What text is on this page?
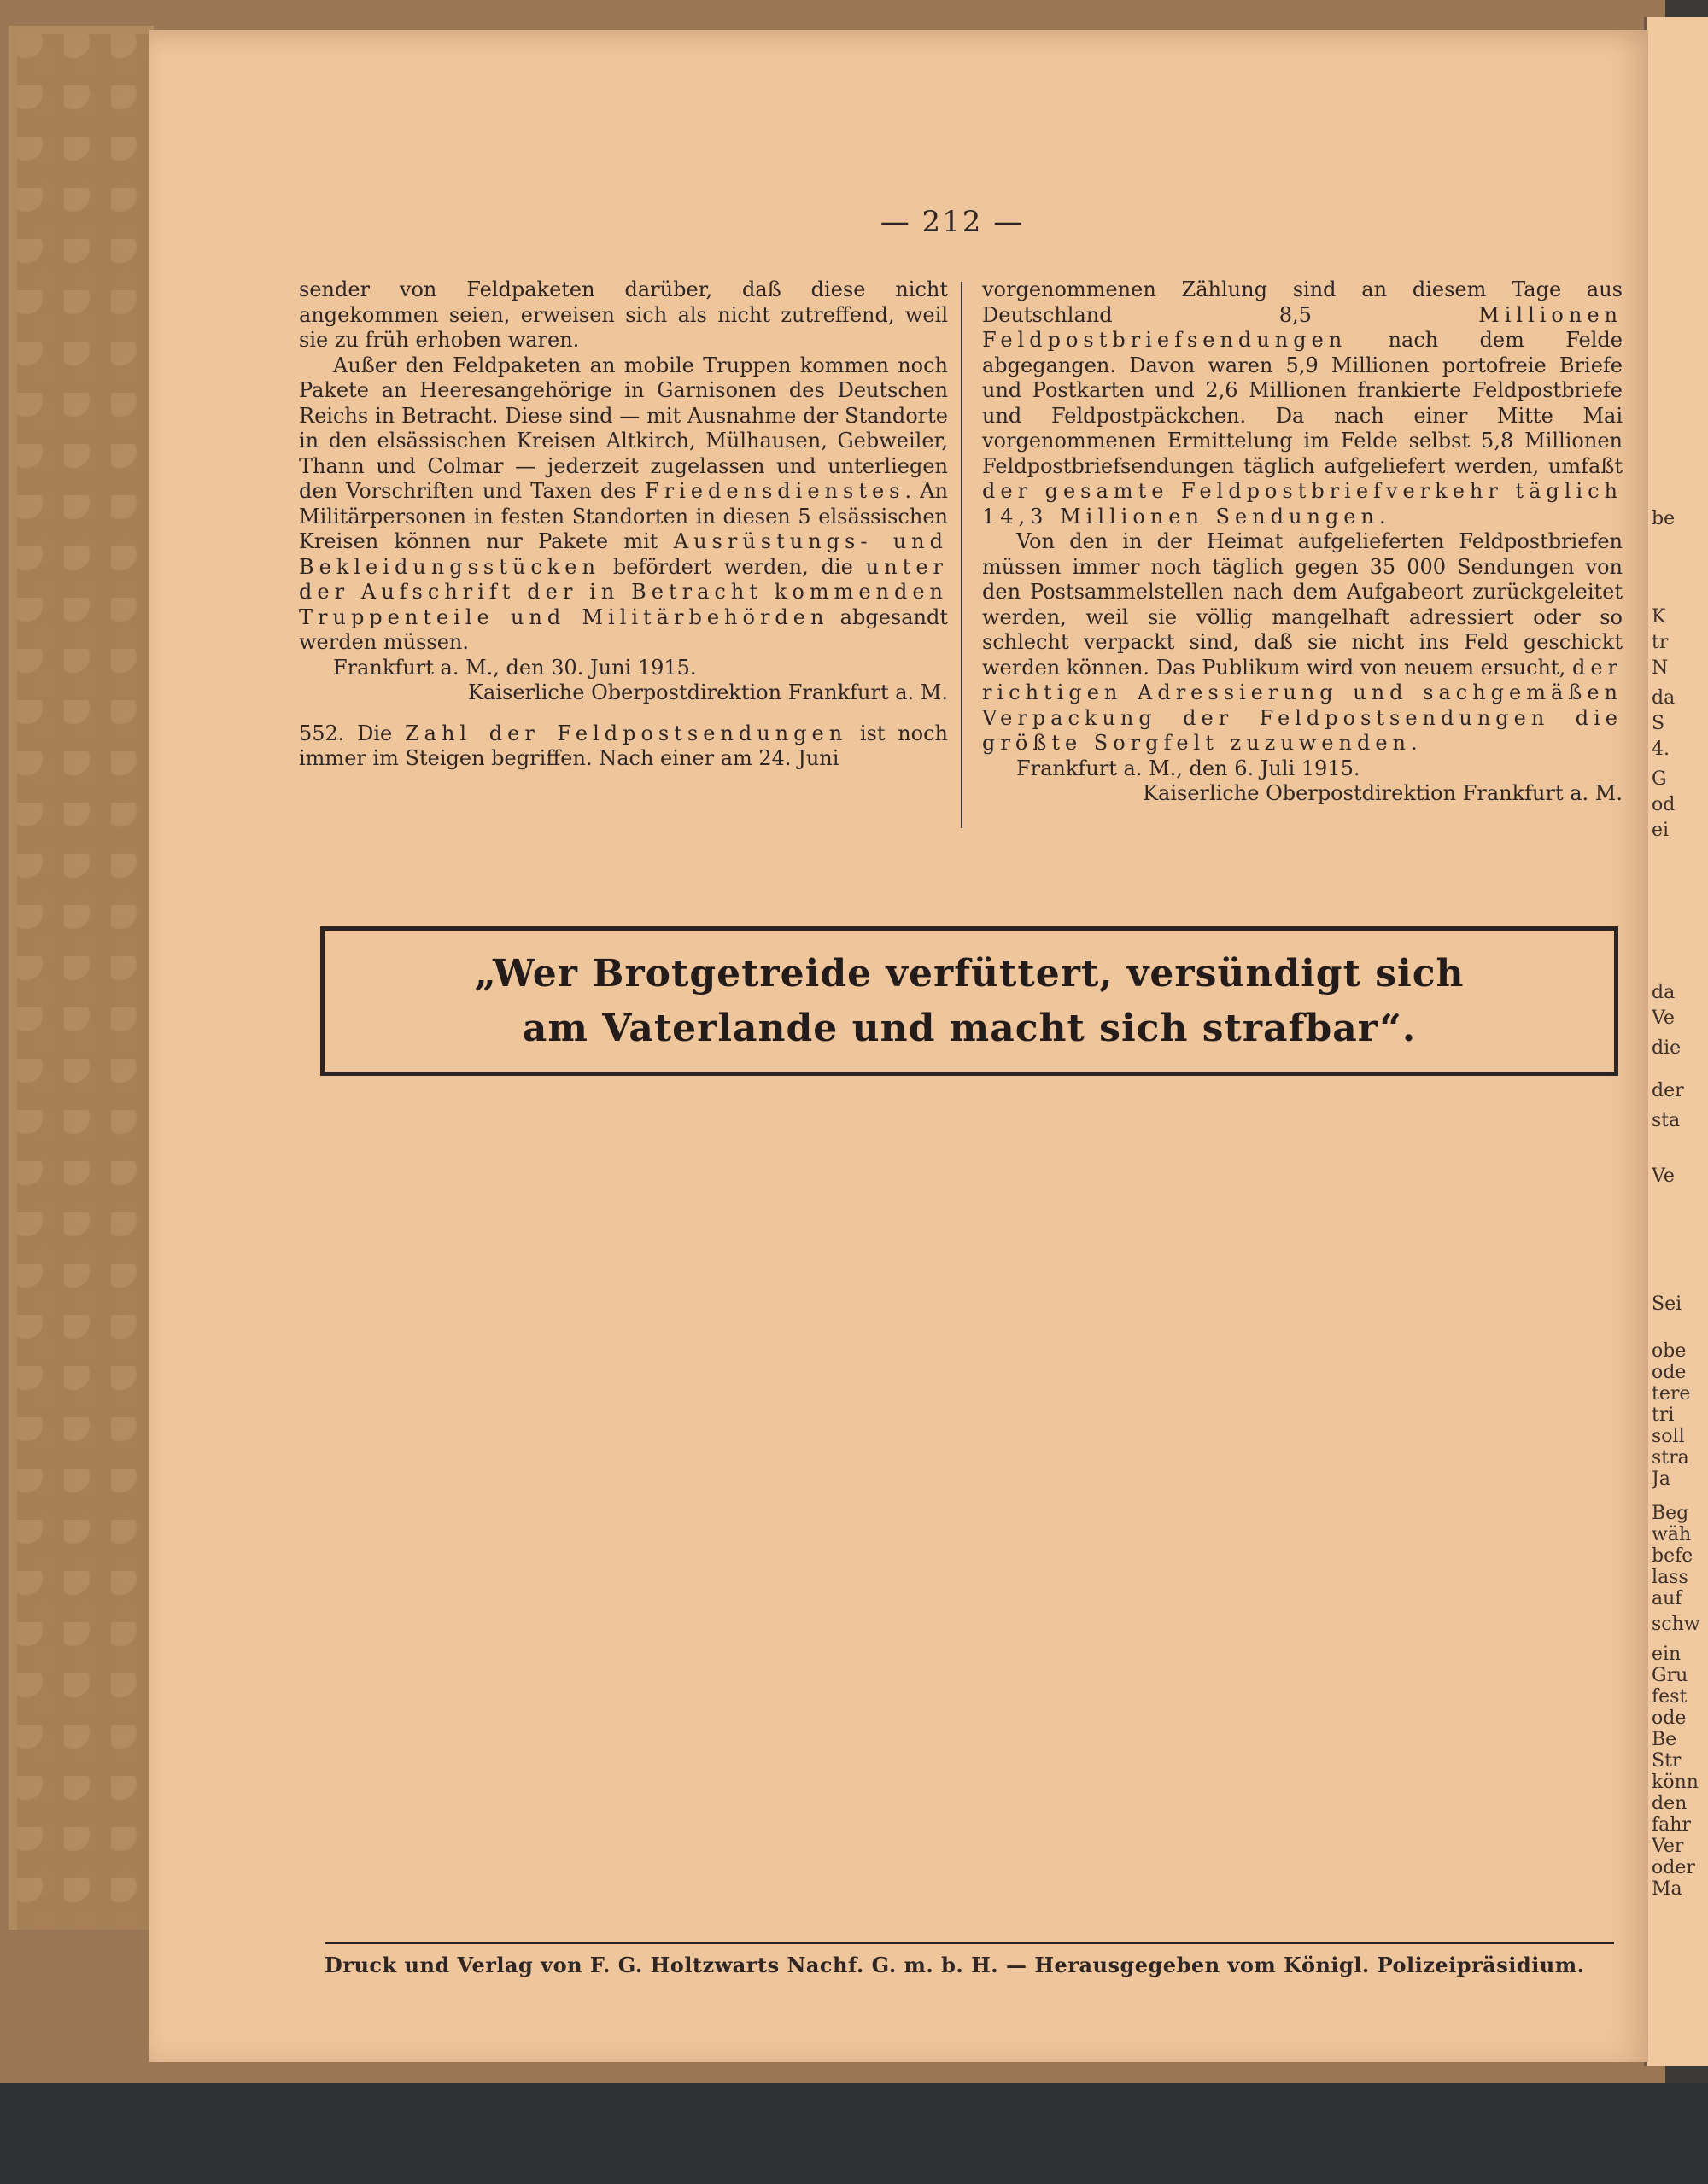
be
K
tr
N
da
S
4.
G
od
ei
da
Ve
die
der
sta
Ve
Sei
obe
ode
tere
tri
soll
stra
Ja
Beg
wäh
befe
lass
auf
schw
ein
Gru
fest
ode
Be
Str
könn
den
fahr
Ver
oder
Ma
— 212 —

sender von Feldpaketen darüber, daß diese nicht angekommen seien, erweisen sich als nicht zutreffend, weil sie zu früh erhoben waren.

Außer den Feldpaketen an mobile Truppen kommen noch Pakete an Heeresangehörige in Garnisonen des Deutschen Reichs in Betracht. Diese sind — mit Ausnahme der Standorte in den elsässischen Kreisen Altkirch, Mülhausen, Gebweiler, Thann und Colmar — jederzeit zugelassen und unterliegen den Vorschriften und Taxen des Friedensdienstes. An Militärpersonen in festen Standorten in diesen 5 elsässischen Kreisen können nur Pakete mit Ausrüstungs- und Bekleidungsstücken befördert werden, die unter der Aufschrift der in Betracht kommenden Truppenteile und Militärbehörden abgesandt werden müssen.

Frankfurt a. M., den 30. Juni 1915.

Kaiserliche Oberpostdirektion Frankfurt a. M.

552. Die Zahl der Feldpostsendungen ist noch immer im Steigen begriffen. Nach einer am 24. Juni

vorgenommenen Zählung sind an diesem Tage aus Deutschland 8,5 Millionen Feldpostbriefsendungen nach dem Felde abgegangen. Davon waren 5,9 Millionen portofreie Briefe und Postkarten und 2,6 Millionen frankierte Feldpostbriefe und Feldpostpäckchen. Da nach einer Mitte Mai vorgenommenen Ermittelung im Felde selbst 5,8 Millionen Feldpostbriefsendungen täglich aufgeliefert werden, umfaßt der gesamte Feldpostbriefverkehr täglich 14,3 Millionen Sendungen.

Von den in der Heimat aufgelieferten Feldpostbriefen müssen immer noch täglich gegen 35 000 Sendungen von den Postsammelstellen nach dem Aufgabeort zurückgeleitet werden, weil sie völlig mangelhaft adressiert oder so schlecht verpackt sind, daß sie nicht ins Feld geschickt werden können. Das Publikum wird von neuem ersucht, der richtigen Adressierung und sachgemäßen Verpackung der Feldpostsendungen die größte Sorgfelt zuzuwenden.

Frankfurt a. M., den 6. Juli 1915.

Kaiserliche Oberpostdirektion Frankfurt a. M.

„Wer Brotgetreide verfüttert, versündigt sich
am Vaterlande und macht sich strafbar“.
Druck und Verlag von F. G. Holtzwarts Nachf. G. m. b. H. — Herausgegeben vom Königl. Polizeipräsidium.
